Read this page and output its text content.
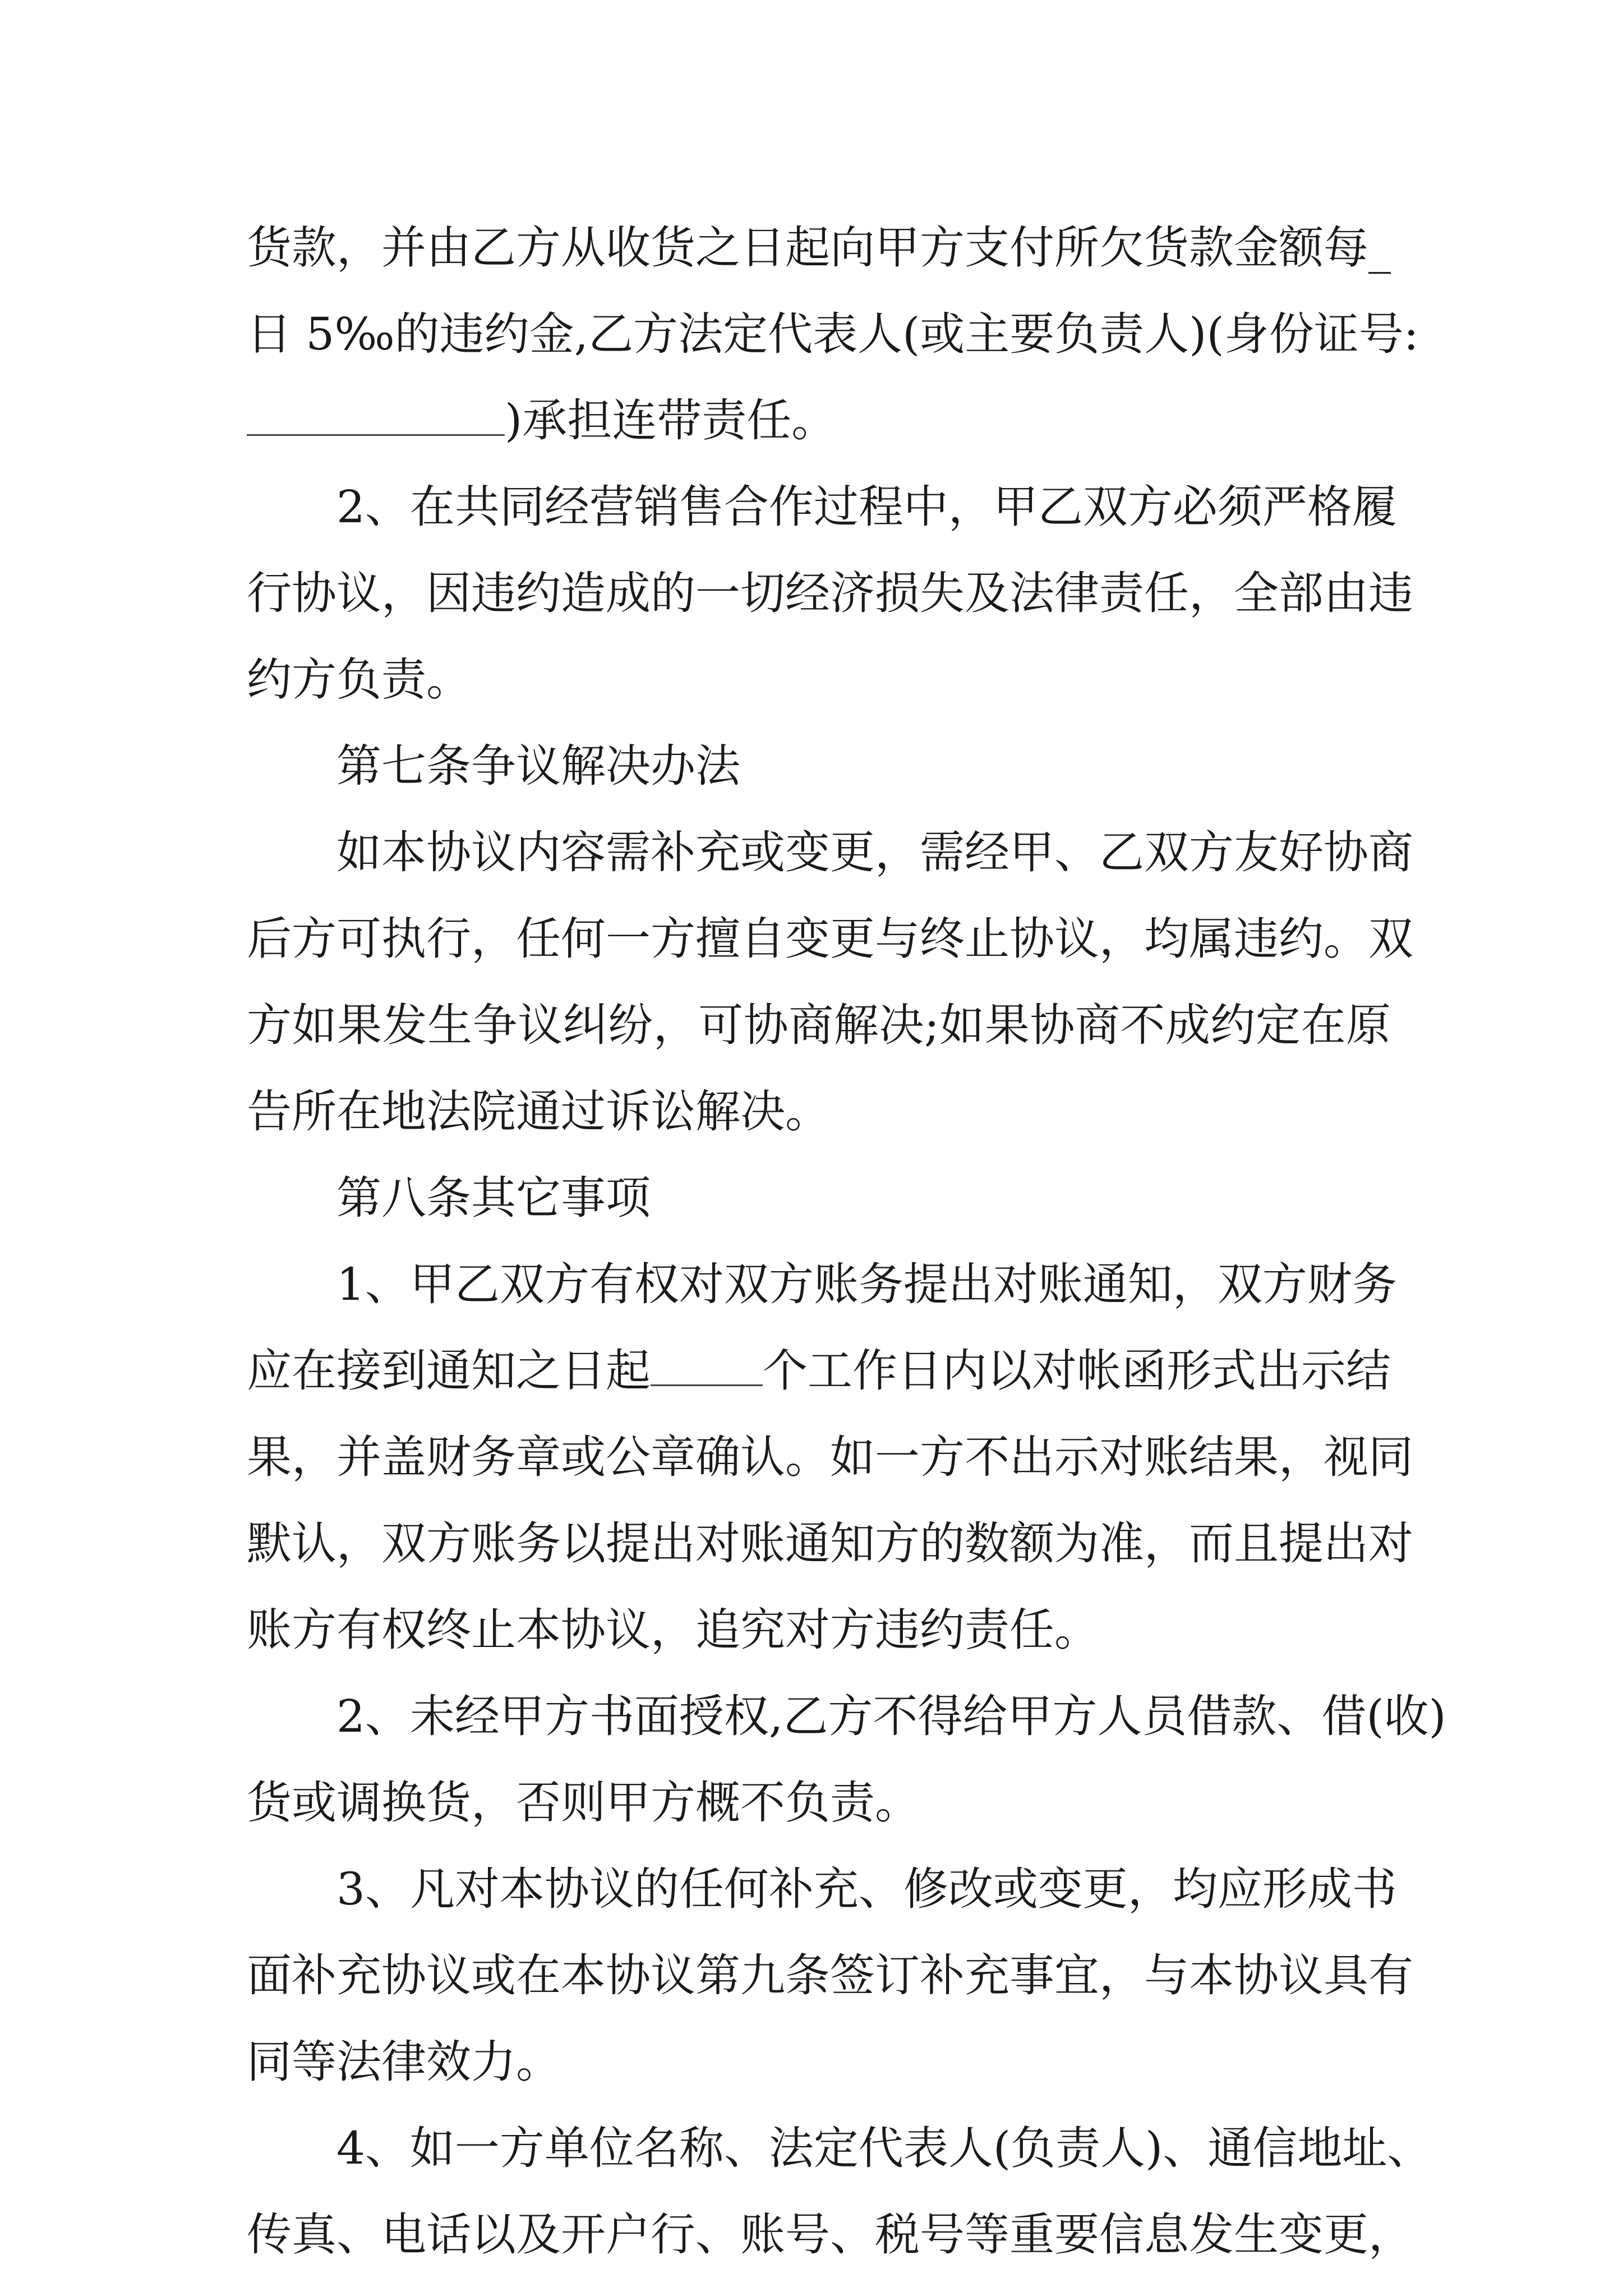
货款，并由乙方从收货之日起向甲方支付所欠货款金额每_
日 5‰的违约金,乙方法定代表人(或主要负责人)(身份证号:
)承担连带责任。
2、在共同经营销售合作过程中，甲乙双方必须严格履
行协议，因违约造成的一切经济损失及法律责任，全部由违
约方负责。
第七条争议解决办法
如本协议内容需补充或变更，需经甲、乙双方友好协商
后方可执行，任何一方擅自变更与终止协议，均属违约。双
方如果发生争议纠纷，可协商解决;如果协商不成约定在原
告所在地法院通过诉讼解决。
第八条其它事项
1、甲乙双方有权对双方账务提出对账通知，双方财务
应在接到通知之日起	个工作日内以对帐函形式出示结
果，并盖财务章或公章确认。如一方不出示对账结果，视同
默认，双方账务以提出对账通知方的数额为准，而且提出对
账方有权终止本协议，追究对方违约责任。
2、未经甲方书面授权,乙方不得给甲方人员借款、借(收)
货或调换货，否则甲方概不负责。
3、凡对本协议的任何补充、修改或变更，均应形成书
面补充协议或在本协议第九条签订补充事宜，与本协议具有
同等法律效力。
4、如一方单位名称、法定代表人(负责人)、通信地址、
传真、电话以及开户行、账号、税号等重要信息发生变更，
